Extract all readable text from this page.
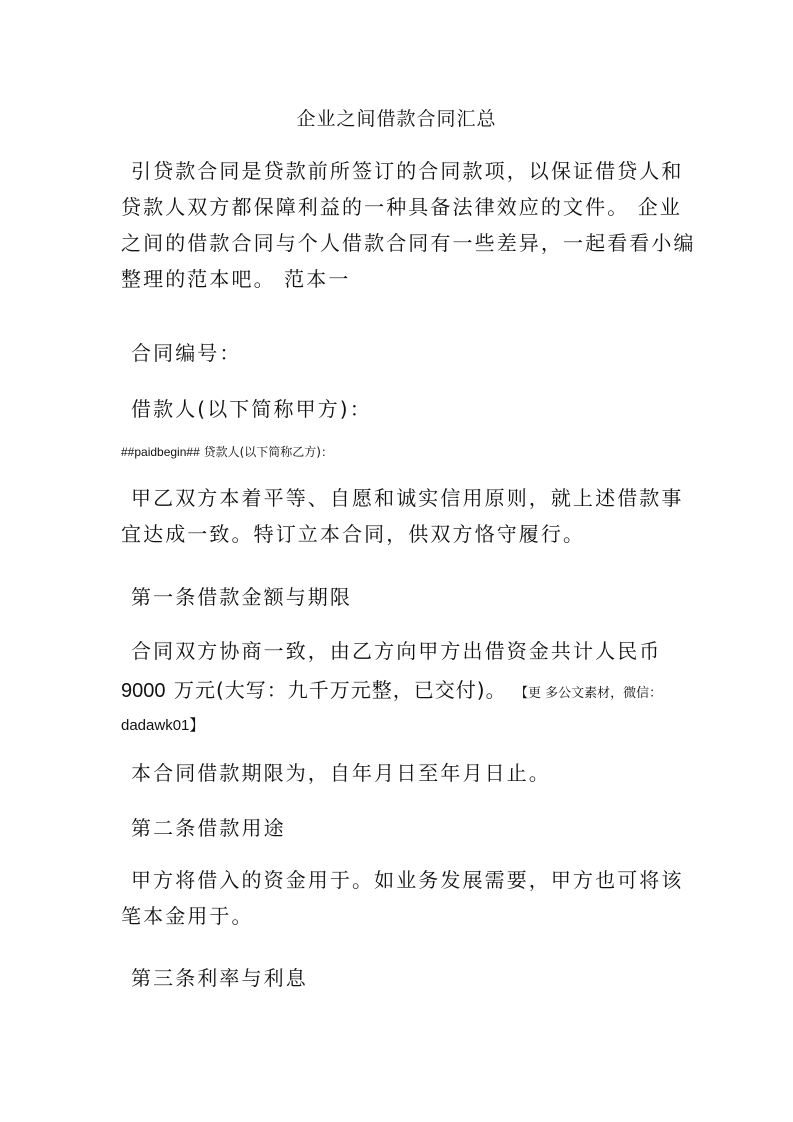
企业之间借款合同汇总
引贷款合同是贷款前所签订的合同款项，以保证借贷人和
贷款人双方都保障利益的一种具备法律效应的文件。 企业
之间的借款合同与个人借款合同有一些差异，一起看看小编
整理的范本吧。 范本一
合同编号：
借款人(以下简称甲方)：
##paidbegin## 贷款人(以下简称乙方)：
甲乙双方本着平等、自愿和诚实信用原则，就上述借款事
宜达成一致。特订立本合同，供双方恪守履行。
第一条借款金额与期限
合同双方协商一致，由乙方向甲方出借资金共计人民币
9000 万元(大写：九千万元整，已交付)。 【更 多公文素材，微信：
dadawk01】
本合同借款期限为，自年月日至年月日止。
第二条借款用途
甲方将借入的资金用于。如业务发展需要，甲方也可将该
笔本金用于。
第三条利率与利息
